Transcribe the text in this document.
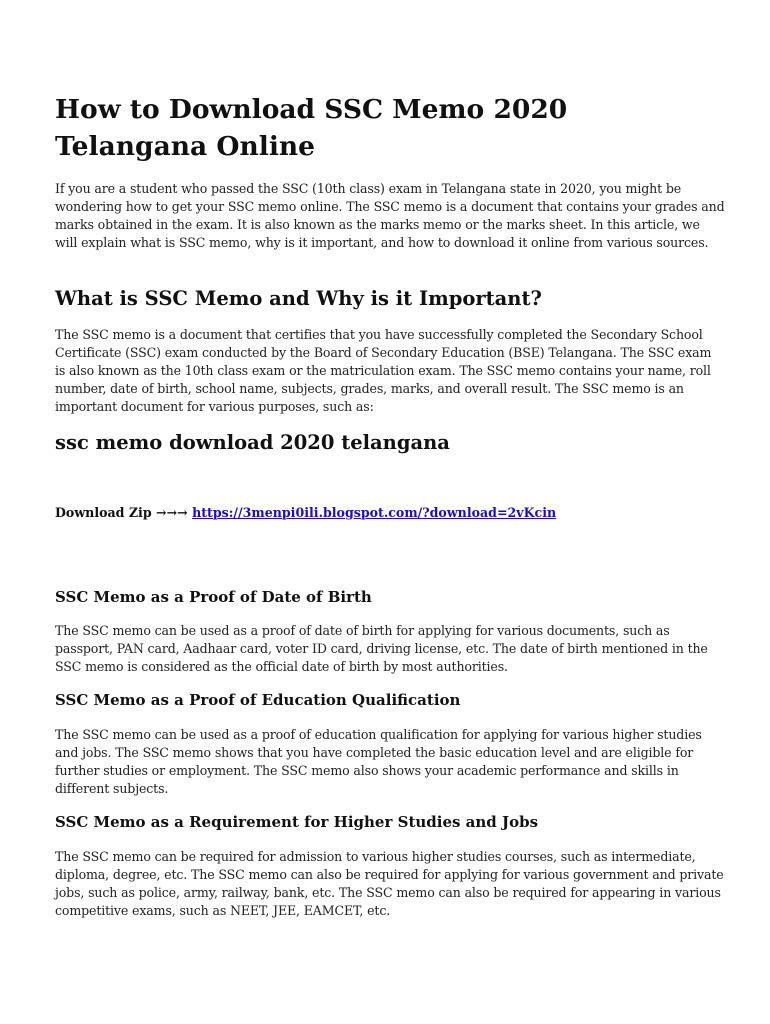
How to Download SSC Memo 2020 Telangana Online

If you are a student who passed the SSC (10th class) exam in Telangana state in 2020, you might be wondering how to get your SSC memo online. The SSC memo is a document that contains your grades and marks obtained in the exam. It is also known as the marks memo or the marks sheet. In this article, we will explain what is SSC memo, why is it important, and how to download it online from various sources.

What is SSC Memo and Why is it Important?

The SSC memo is a document that certifies that you have successfully completed the Secondary School Certificate (SSC) exam conducted by the Board of Secondary Education (BSE) Telangana. The SSC exam is also known as the 10th class exam or the matriculation exam. The SSC memo contains your name, roll number, date of birth, school name, subjects, grades, marks, and overall result. The SSC memo is an important document for various purposes, such as:

ssc memo download 2020 telangana
Download Zip →→→ https://3menpi0ili.blogspot.com/?download=2vKcin
SSC Memo as a Proof of Date of Birth

The SSC memo can be used as a proof of date of birth for applying for various documents, such as passport, PAN card, Aadhaar card, voter ID card, driving license, etc. The date of birth mentioned in the SSC memo is considered as the official date of birth by most authorities.

SSC Memo as a Proof of Education Qualification

The SSC memo can be used as a proof of education qualification for applying for various higher studies and jobs. The SSC memo shows that you have completed the basic education level and are eligible for further studies or employment. The SSC memo also shows your academic performance and skills in different subjects.

SSC Memo as a Requirement for Higher Studies and Jobs

The SSC memo can be required for admission to various higher studies courses, such as intermediate, diploma, degree, etc. The SSC memo can also be required for applying for various government and private jobs, such as police, army, railway, bank, etc. The SSC memo can also be required for appearing in various competitive exams, such as NEET, JEE, EAMCET, etc.
